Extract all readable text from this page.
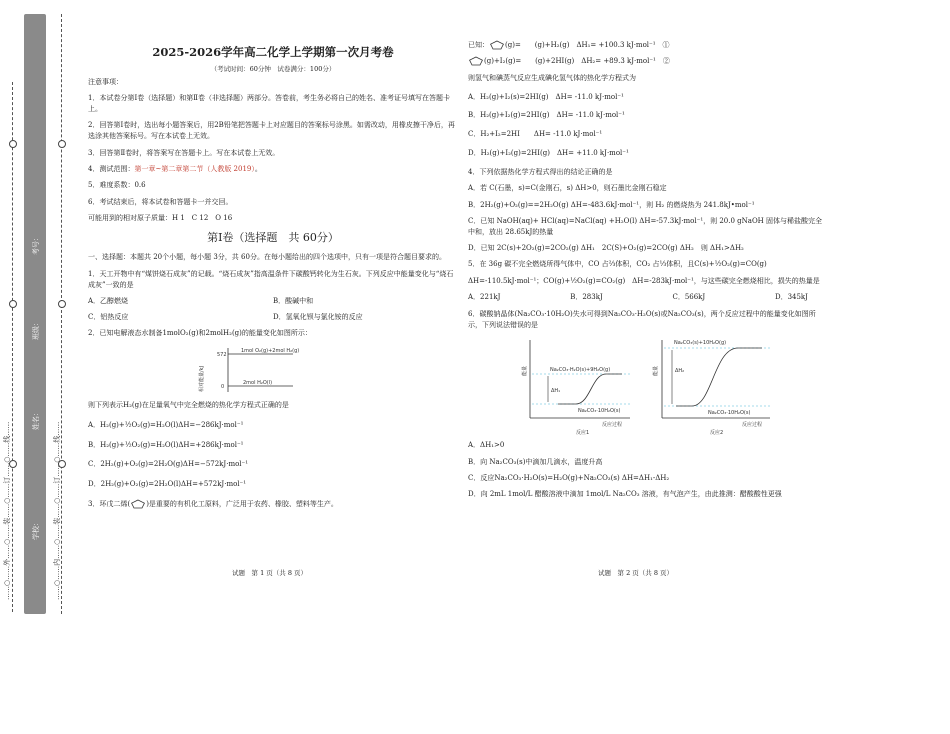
……○……外……○……装……○……订……○……线……	……○……内……○……装……○……订……○……线……
学校：
姓名：
班级：
考号：
2025-2026学年高二化学上学期第一次月考卷
（考试时间：60分钟　试卷满分：100分）

注意事项：

1．本试卷分第Ⅰ卷（选择题）和第Ⅱ卷（非选择题）两部分。答卷前，考生务必将自己的姓名、准考证号填写在答题卡上。

2．回答第Ⅰ卷时，选出每小题答案后，用2B铅笔把答题卡上对应题目的答案标号涂黑。如需改动，用橡皮擦干净后，再选涂其他答案标号。写在本试卷上无效。

3．回答第Ⅱ卷时，将答案写在答题卡上。写在本试卷上无效。

4．测试范围：第一章~第二章第二节（人教版 2019）。

5．难度系数：0.6

6．考试结束后，将本试卷和答题卡一并交回。

可能用到的相对原子质量：H 1　C 12　O 16

第Ⅰ卷（选择题　共 60分）

一、选择题：本题共 20个小题，每小题 3分，共 60分。在每小题给出的四个选项中，只有一项是符合题目要求的。

1．天工开物中有“煤饼烧石成灰”的记载。“烧石成灰”指高温条件下碳酸钙转化为生石灰。下列反应中能量变化与“烧石成灰”一致的是

A．乙醇燃烧	B．酸碱中和
C．铝热反应	D．氢氧化钡与氯化铵的反应

2．已知电解液态水制备1molO₂(g)和2molH₂(g)的能量变化如图所示：

572
0
1mol O₂(g)+2mol H₂(g)
2mol H₂O(l)
相对能量/kJ

则下列表示H₂(g)在足量氧气中完全燃烧的热化学方程式正确的是

A．H₂(g)+½O₂(g)=H₂O(l)ΔH=−286kJ·mol⁻¹

B．H₂(g)+½O₂(g)=H₂O(l)ΔH=+286kJ·mol⁻¹

C．2H₂(g)+O₂(g)=2H₂O(g)ΔH=−572kJ·mol⁻¹

D．2H₂(g)+O₂(g)=2H₂O(l)ΔH=+572kJ·mol⁻¹

3．环戊二烯( )是重要的有机化工原料，广泛用于农药、橡胶、塑料等生产。

试题　第 1 页（共 8 页）

已知： (g)=　　(g)+H₂(g)　ΔH₁= +100.3 kJ·mol⁻¹　①

(g)+I₂(g)=　　(g)+2HI(g)　ΔH₂= +89.3 kJ·mol⁻¹　②

则氢气和碘蒸气反应生成碘化氢气体的热化学方程式为

A．H₂(g)+I₂(s)=2HI(g)　ΔH= -11.0 kJ·mol⁻¹

B．H₂(g)+I₂(g)=2HI(g)　ΔH= -11.0 kJ·mol⁻¹

C．H₂+I₂=2HI　　ΔH= -11.0 kJ·mol⁻¹

D．H₂(g)+I₂(g)=2HI(g)　ΔH= +11.0 kJ·mol⁻¹

4．下列依据热化学方程式得出的结论正确的是

A．若 C(石墨，s)=C(金刚石，s) ΔH>0，则石墨比金刚石稳定

B．2H₂(g)+O₂(g)==2H₂O(g) ΔH=-483.6kJ·mol⁻¹，则 H₂ 的燃烧热为 241.8kJ•mol⁻¹

C．已知 NaOH(aq)+ HCl(aq)=NaCl(aq) +H₂O(l) ΔH=-57.3kJ·mol⁻¹，则 20.0 gNaOH 固体与稀盐酸完全中和，放出 28.65kJ的热量

D．已知 2C(s)+2O₂(g)=2CO₂(g) ΔH₁　2C(S)+O₂(g)=2CO(g) ΔH₂　则 ΔH₁>ΔH₂

5．在 36g 碳不完全燃烧所得气体中，CO 占⅔体积，CO₂ 占⅓体积，且C(s)+½O₂(g)=CO(g)

ΔH=-110.5kJ·mol⁻¹；CO(g)+½O₂(g)=CO₂(g)　ΔH=-283kJ·mol⁻¹，与这些碳完全燃烧相比，损失的热量是

A．221kJ	B．283kJ	C．566kJ	D．345kJ

6．碳酸钠晶体(Na₂CO₃·10H₂O)失水可得到Na₂CO₃·H₂O(s)或Na₂CO₃(s)，两个反应过程中的能量变化如图所示，下列说法错误的是

Na₂CO₃·H₂O(s)+9H₂O(g)
Na₂CO₃·10H₂O(s)
ΔH₁
反应过程
能量
反应1
Na₂CO₃(s)+10H₂O(g)
Na₂CO₃·10H₂O(s)
ΔH₂
反应过程
能量
反应2

A．ΔH₁>0

B．向 Na₂CO₃(s)中滴加几滴水，温度升高

C．反应Na₂CO₃·H₂O(s)=H₂O(g)+Na₂CO₃(s) ΔH=ΔH₁-ΔH₂

D．向 2mL 1mol/L 醋酸溶液中滴加 1mol/L Na₂CO₃ 溶液，有气泡产生，由此推测：醋酸酸性更强

试题　第 2 页（共 8 页）
